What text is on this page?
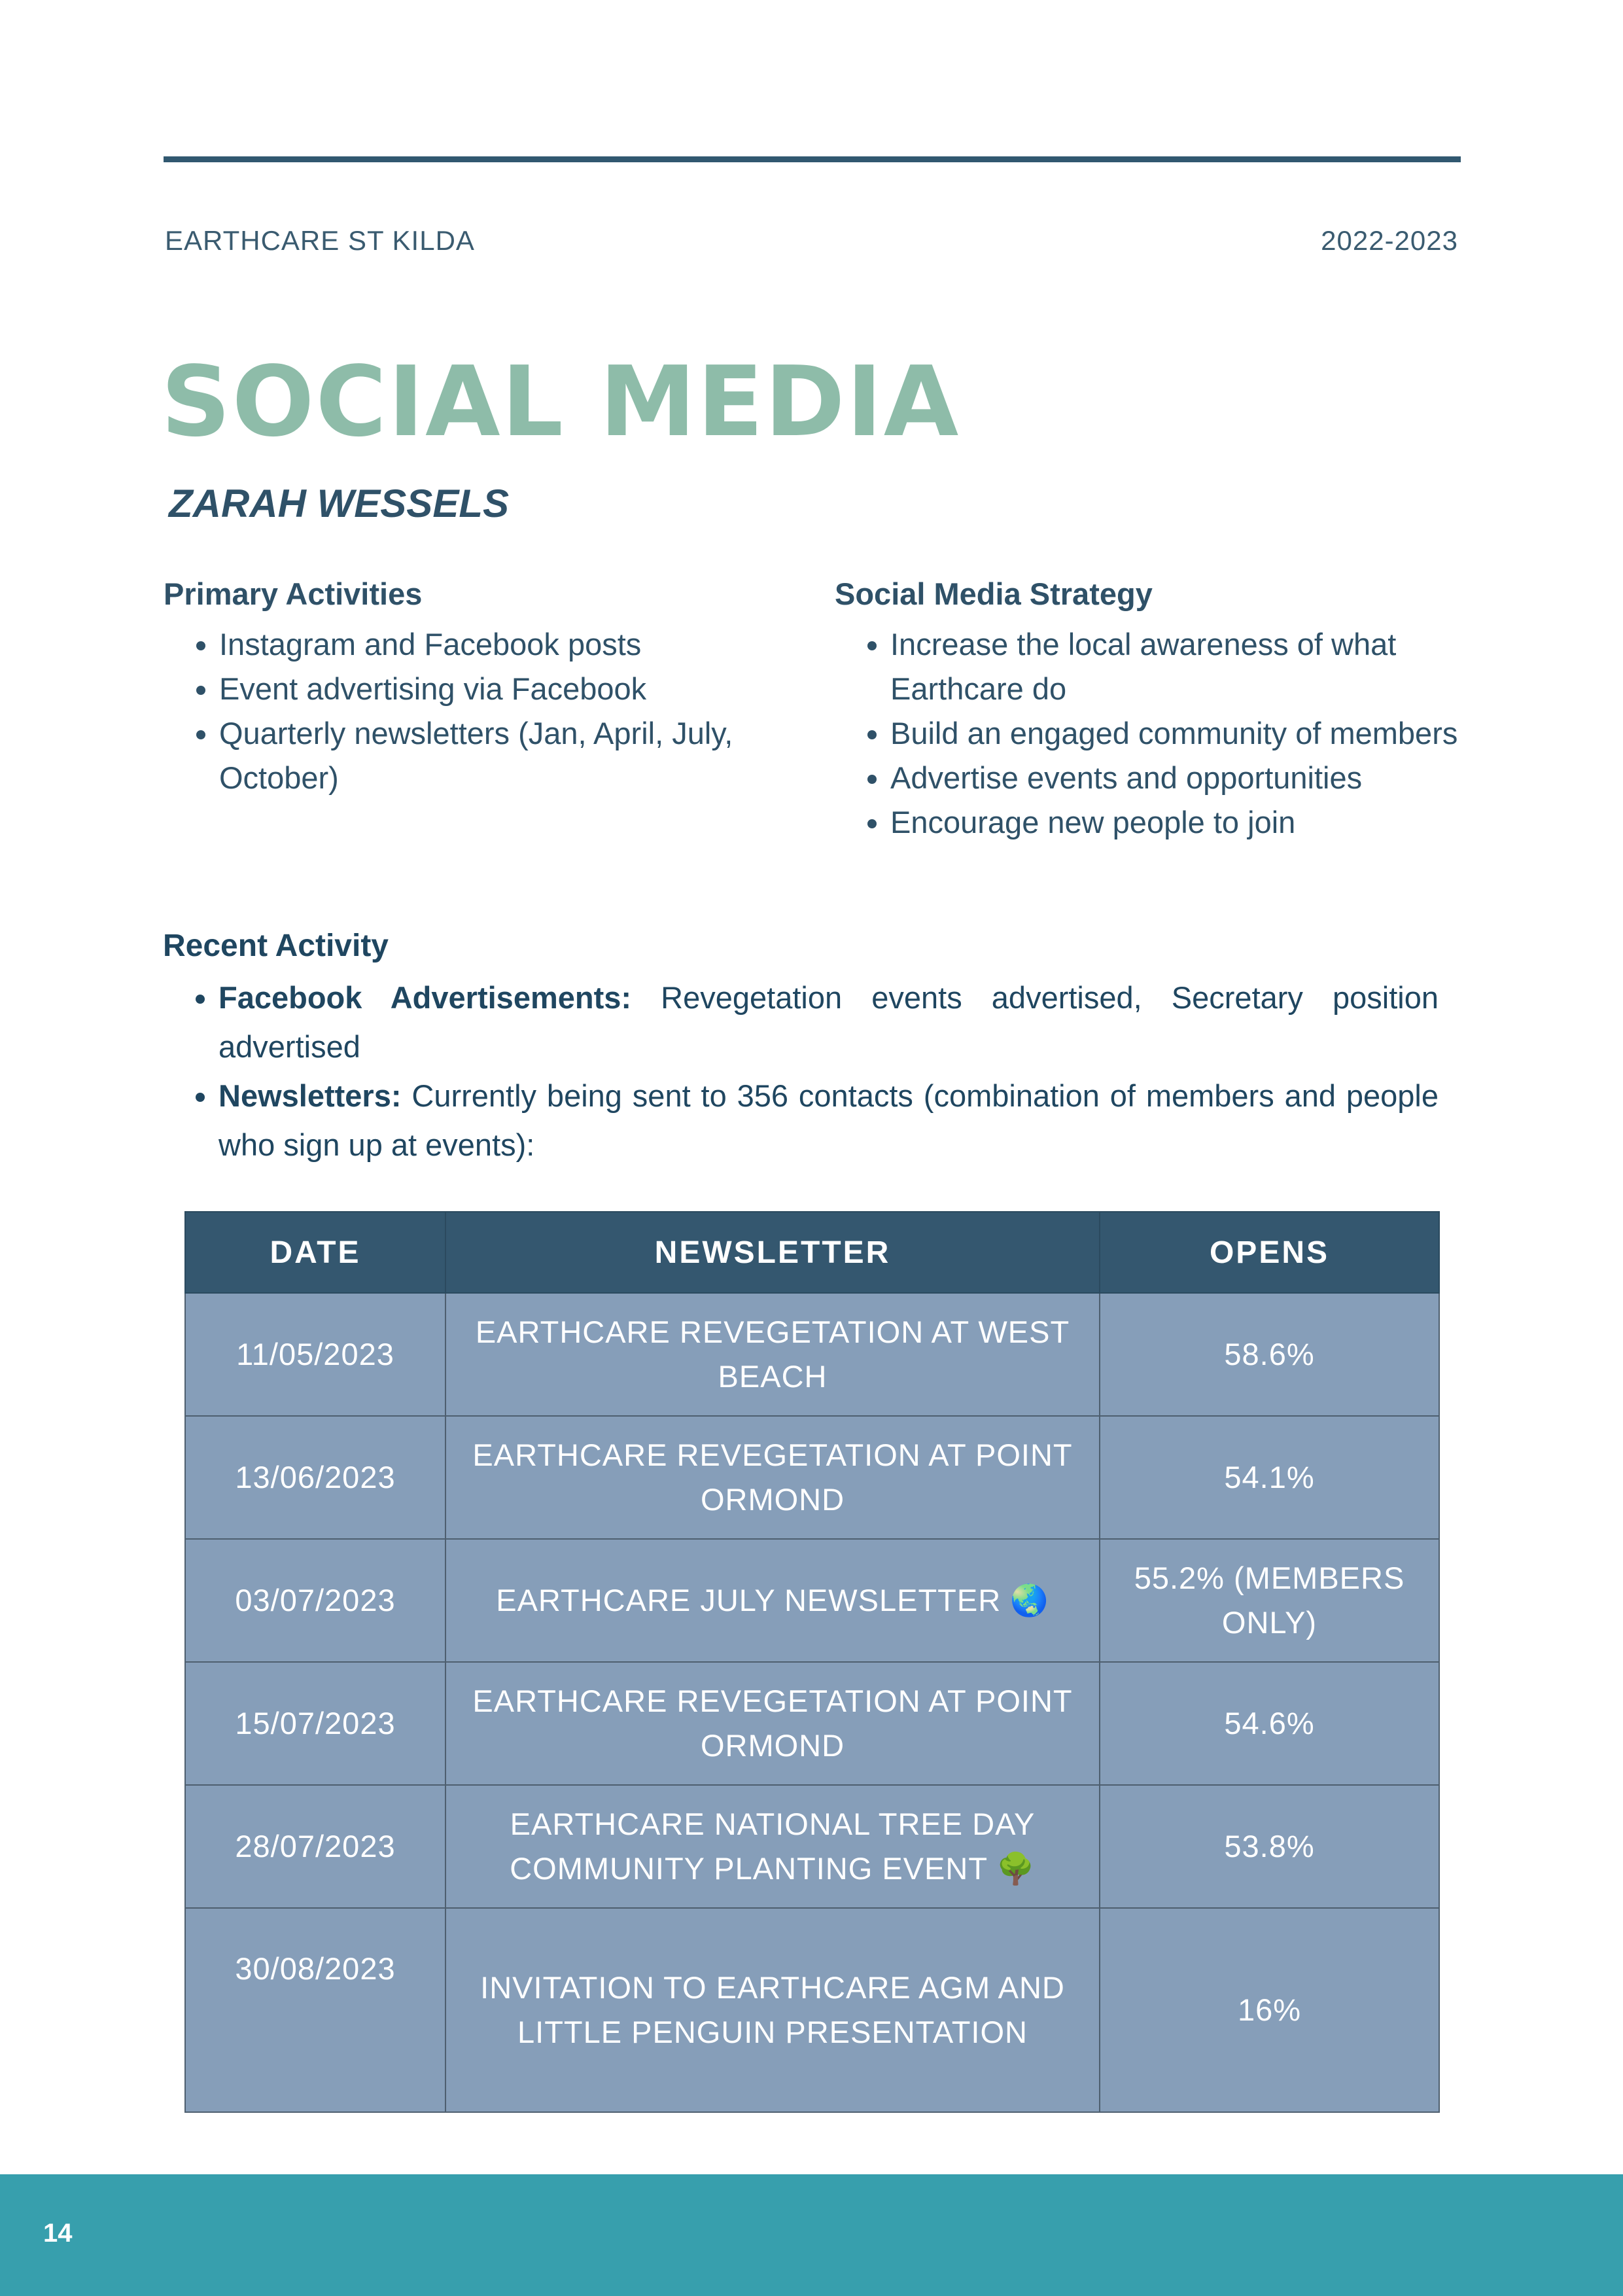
EARTHCARE ST KILDA	2022-2023
SOCIAL MEDIA
ZARAH WESSELS
Primary Activities
• Instagram and Facebook posts
• Event advertising via Facebook
• Quarterly newsletters (Jan, April, July, October)
Social Media Strategy
• Increase the local awareness of what Earthcare do
• Build an engaged community of members
• Advertise events and opportunities
• Encourage new people to join
Recent Activity
• Facebook Advertisements: Revegetation events advertised, Secretary position advertised
• Newsletters: Currently being sent to 356 contacts (combination of members and people who sign up at events):
DATE	NEWSLETTER	OPENS
11/05/2023	EARTHCARE REVEGETATION AT WEST BEACH	58.6%
13/06/2023	EARTHCARE REVEGETATION AT POINT ORMOND	54.1%
03/07/2023	EARTHCARE JULY NEWSLETTER 🌏	55.2% (MEMBERS ONLY)
15/07/2023	EARTHCARE REVEGETATION AT POINT ORMOND	54.6%
28/07/2023	EARTHCARE NATIONAL TREE DAY COMMUNITY PLANTING EVENT 🌳	53.8%
30/08/2023	INVITATION TO EARTHCARE AGM AND LITTLE PENGUIN PRESENTATION	16%
14
